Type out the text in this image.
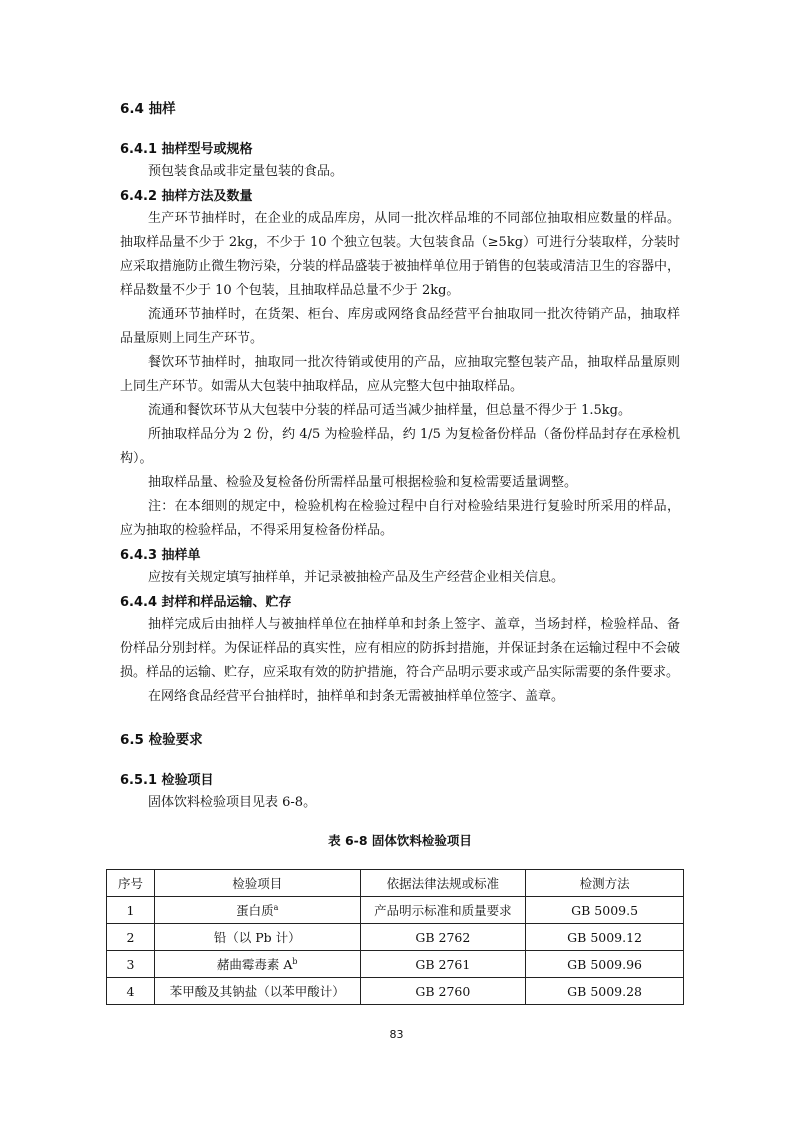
6.4 抽样
6.4.1 抽样型号或规格

预包装食品或非定量包装的食品。

6.4.2 抽样方法及数量

生产环节抽样时，在企业的成品库房，从同一批次样品堆的不同部位抽取相应数量的样品。抽取样品量不少于 2kg，不少于 10 个独立包装。大包装食品（≥5kg）可进行分装取样，分装时应采取措施防止微生物污染，分装的样品盛装于被抽样单位用于销售的包装或清洁卫生的容器中，样品数量不少于 10 个包装，且抽取样品总量不少于 2kg。

流通环节抽样时，在货架、柜台、库房或网络食品经营平台抽取同一批次待销产品，抽取样品量原则上同生产环节。

餐饮环节抽样时，抽取同一批次待销或使用的产品，应抽取完整包装产品，抽取样品量原则上同生产环节。如需从大包装中抽取样品，应从完整大包中抽取样品。

流通和餐饮环节从大包装中分装的样品可适当减少抽样量，但总量不得少于 1.5kg。

所抽取样品分为 2 份，约 4/5 为检验样品，约 1/5 为复检备份样品（备份样品封存在承检机构）。

抽取样品量、检验及复检备份所需样品量可根据检验和复检需要适量调整。

注：在本细则的规定中，检验机构在检验过程中自行对检验结果进行复验时所采用的样品，应为抽取的检验样品，不得采用复检备份样品。

6.4.3 抽样单

应按有关规定填写抽样单，并记录被抽检产品及生产经营企业相关信息。

6.4.4 封样和样品运输、贮存

抽样完成后由抽样人与被抽样单位在抽样单和封条上签字、盖章，当场封样，检验样品、备份样品分别封样。为保证样品的真实性，应有相应的防拆封措施，并保证封条在运输过程中不会破损。样品的运输、贮存，应采取有效的防护措施，符合产品明示要求或产品实际需要的条件要求。

在网络食品经营平台抽样时，抽样单和封条无需被抽样单位签字、盖章。

6.5 检验要求
6.5.1 检验项目

固体饮料检验项目见表 6-8。

表 6-8 固体饮料检验项目
序号	检验项目	依据法律法规或标准	检测方法
1	蛋白质$^a$	产品明示标准和质量要求	GB 5009.5
2	铅（以 Pb 计）	GB 2762	GB 5009.12
3	赭曲霉毒素 $A^b$	GB 2761	GB 5009.96
4	苯甲酸及其钠盐（以苯甲酸计）	GB 2760	GB 5009.28
83
